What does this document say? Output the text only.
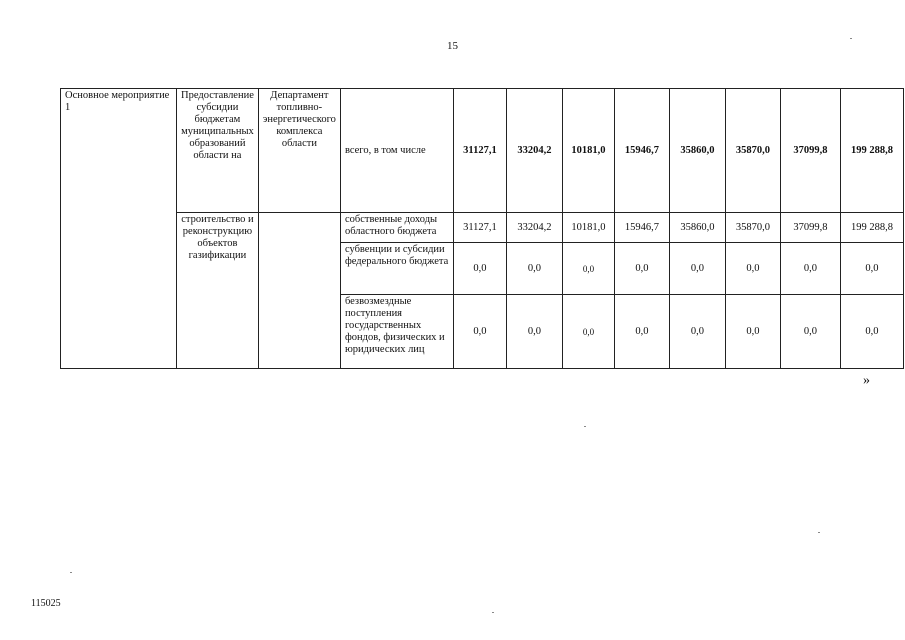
15
Основное мероприятие 1	Предоставление субсидии бюджетам муниципальных образований области на	Департамент топливно-энергетического комплекса области	всего, в том числе	31127,1	33204,2	10181,0	15946,7	35860,0	35870,0	37099,8	199 288,8
	строительство и реконструкцию объектов газификации		собственные доходы областного бюджета	31127,1	33204,2	10181,0	15946,7	35860,0	35870,0	37099,8	199 288,8
			субвенции и субсидии федерального бюджета	0,0	0,0	0,0	0,0	0,0	0,0	0,0	0,0
			безвозмездные поступления государственных фондов, физических и юридических лиц	0,0	0,0	0,0	0,0	0,0	0,0	0,0	0,0
»
115025
